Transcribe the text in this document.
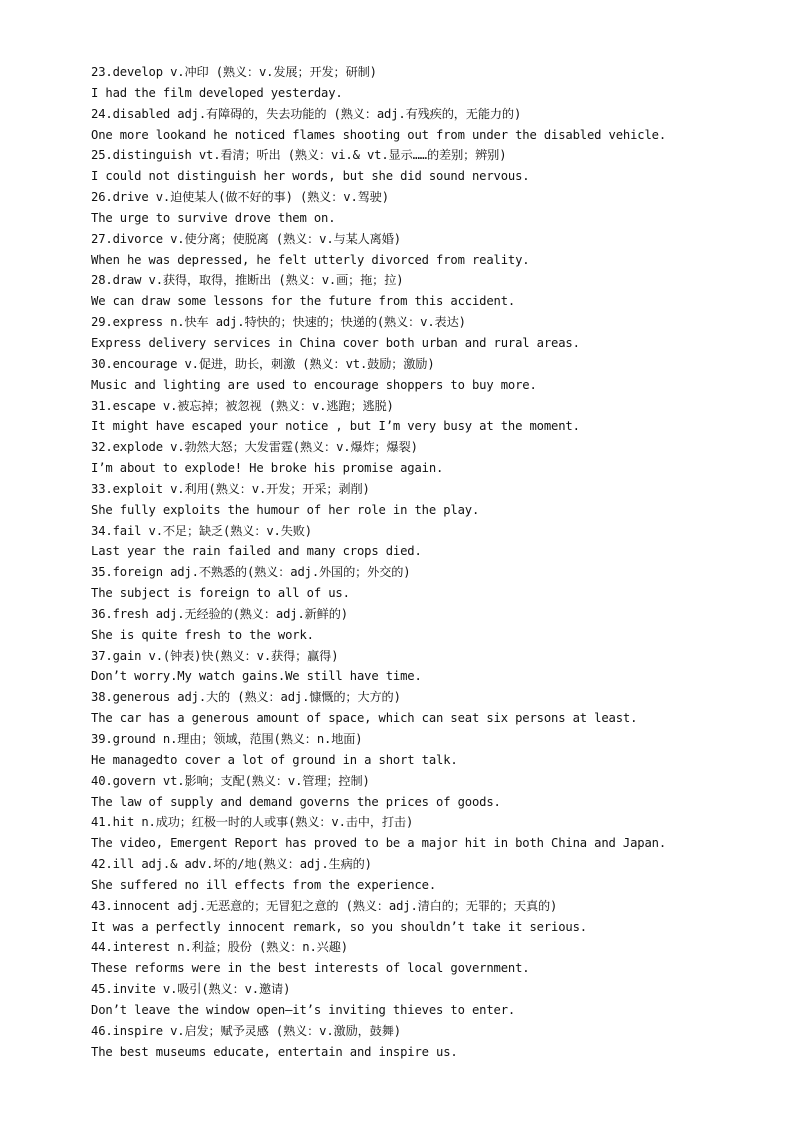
23.develop v.冲印 (熟义：v.发展；开发；研制)
I had the film developed yesterday.
24.disabled adj.有障碍的，失去功能的 (熟义：adj.有残疾的，无能力的)
One more lookand he noticed flames shooting out from under the disabled vehicle.
25.distinguish vt.看清；听出 (熟义：vi.& vt.显示……的差别；辨别)
I could not distinguish her words, but she did sound nervous.
26.drive v.迫使某人(做不好的事) (熟义：v.驾驶)
The urge to survive drove them on.
27.divorce v.使分离；使脱离 (熟义：v.与某人离婚)
When he was depressed, he felt utterly divorced from reality.
28.draw v.获得，取得，推断出 (熟义：v.画；拖；拉)
We can draw some lessons for the future from this accident.
29.express n.快车 adj.特快的；快速的；快递的(熟义：v.表达)
Express delivery services in China cover both urban and rural areas.
30.encourage v.促进，助长，刺激 (熟义：vt.鼓励；激励)
Music and lighting are used to encourage shoppers to buy more.
31.escape v.被忘掉；被忽视 (熟义：v.逃跑；逃脱)
It might have escaped your notice , but I’m very busy at the moment.
32.explode v.勃然大怒；大发雷霆(熟义：v.爆炸；爆裂)
I’m about to explode! He broke his promise again.
33.exploit v.利用(熟义：v.开发；开采；剥削)
She fully exploits the humour of her role in the play.
34.fail v.不足；缺乏(熟义：v.失败)
Last year the rain failed and many crops died.
35.foreign adj.不熟悉的(熟义：adj.外国的；外交的)
The subject is foreign to all of us.
36.fresh adj.无经验的(熟义：adj.新鲜的)
She is quite fresh to the work.
37.gain v.(钟表)快(熟义：v.获得；赢得)
Don’t worry.My watch gains.We still have time.
38.generous adj.大的 (熟义：adj.慷慨的；大方的)
The car has a generous amount of space, which can seat six persons at least.
39.ground n.理由；领域，范围(熟义：n.地面)
He managedto cover a lot of ground in a short talk.
40.govern vt.影响；支配(熟义：v.管理；控制)
The law of supply and demand governs the prices of goods.
41.hit n.成功；红极一时的人或事(熟义：v.击中，打击)
The video, Emergent Report has proved to be a major hit in both China and Japan.
42.ill adj.& adv.坏的/地(熟义：adj.生病的)
She suffered no ill effects from the experience.
43.innocent adj.无恶意的；无冒犯之意的 (熟义：adj.清白的；无罪的；天真的)
It was a perfectly innocent remark, so you shouldn’t take it serious.
44.interest n.利益；股份 (熟义：n.兴趣)
These reforms were in the best interests of local government.
45.invite v.吸引(熟义：v.邀请)
Don’t leave the window open—it’s inviting thieves to enter.
46.inspire v.启发；赋予灵感 (熟义：v.激励，鼓舞)
The best museums educate, entertain and inspire us.
